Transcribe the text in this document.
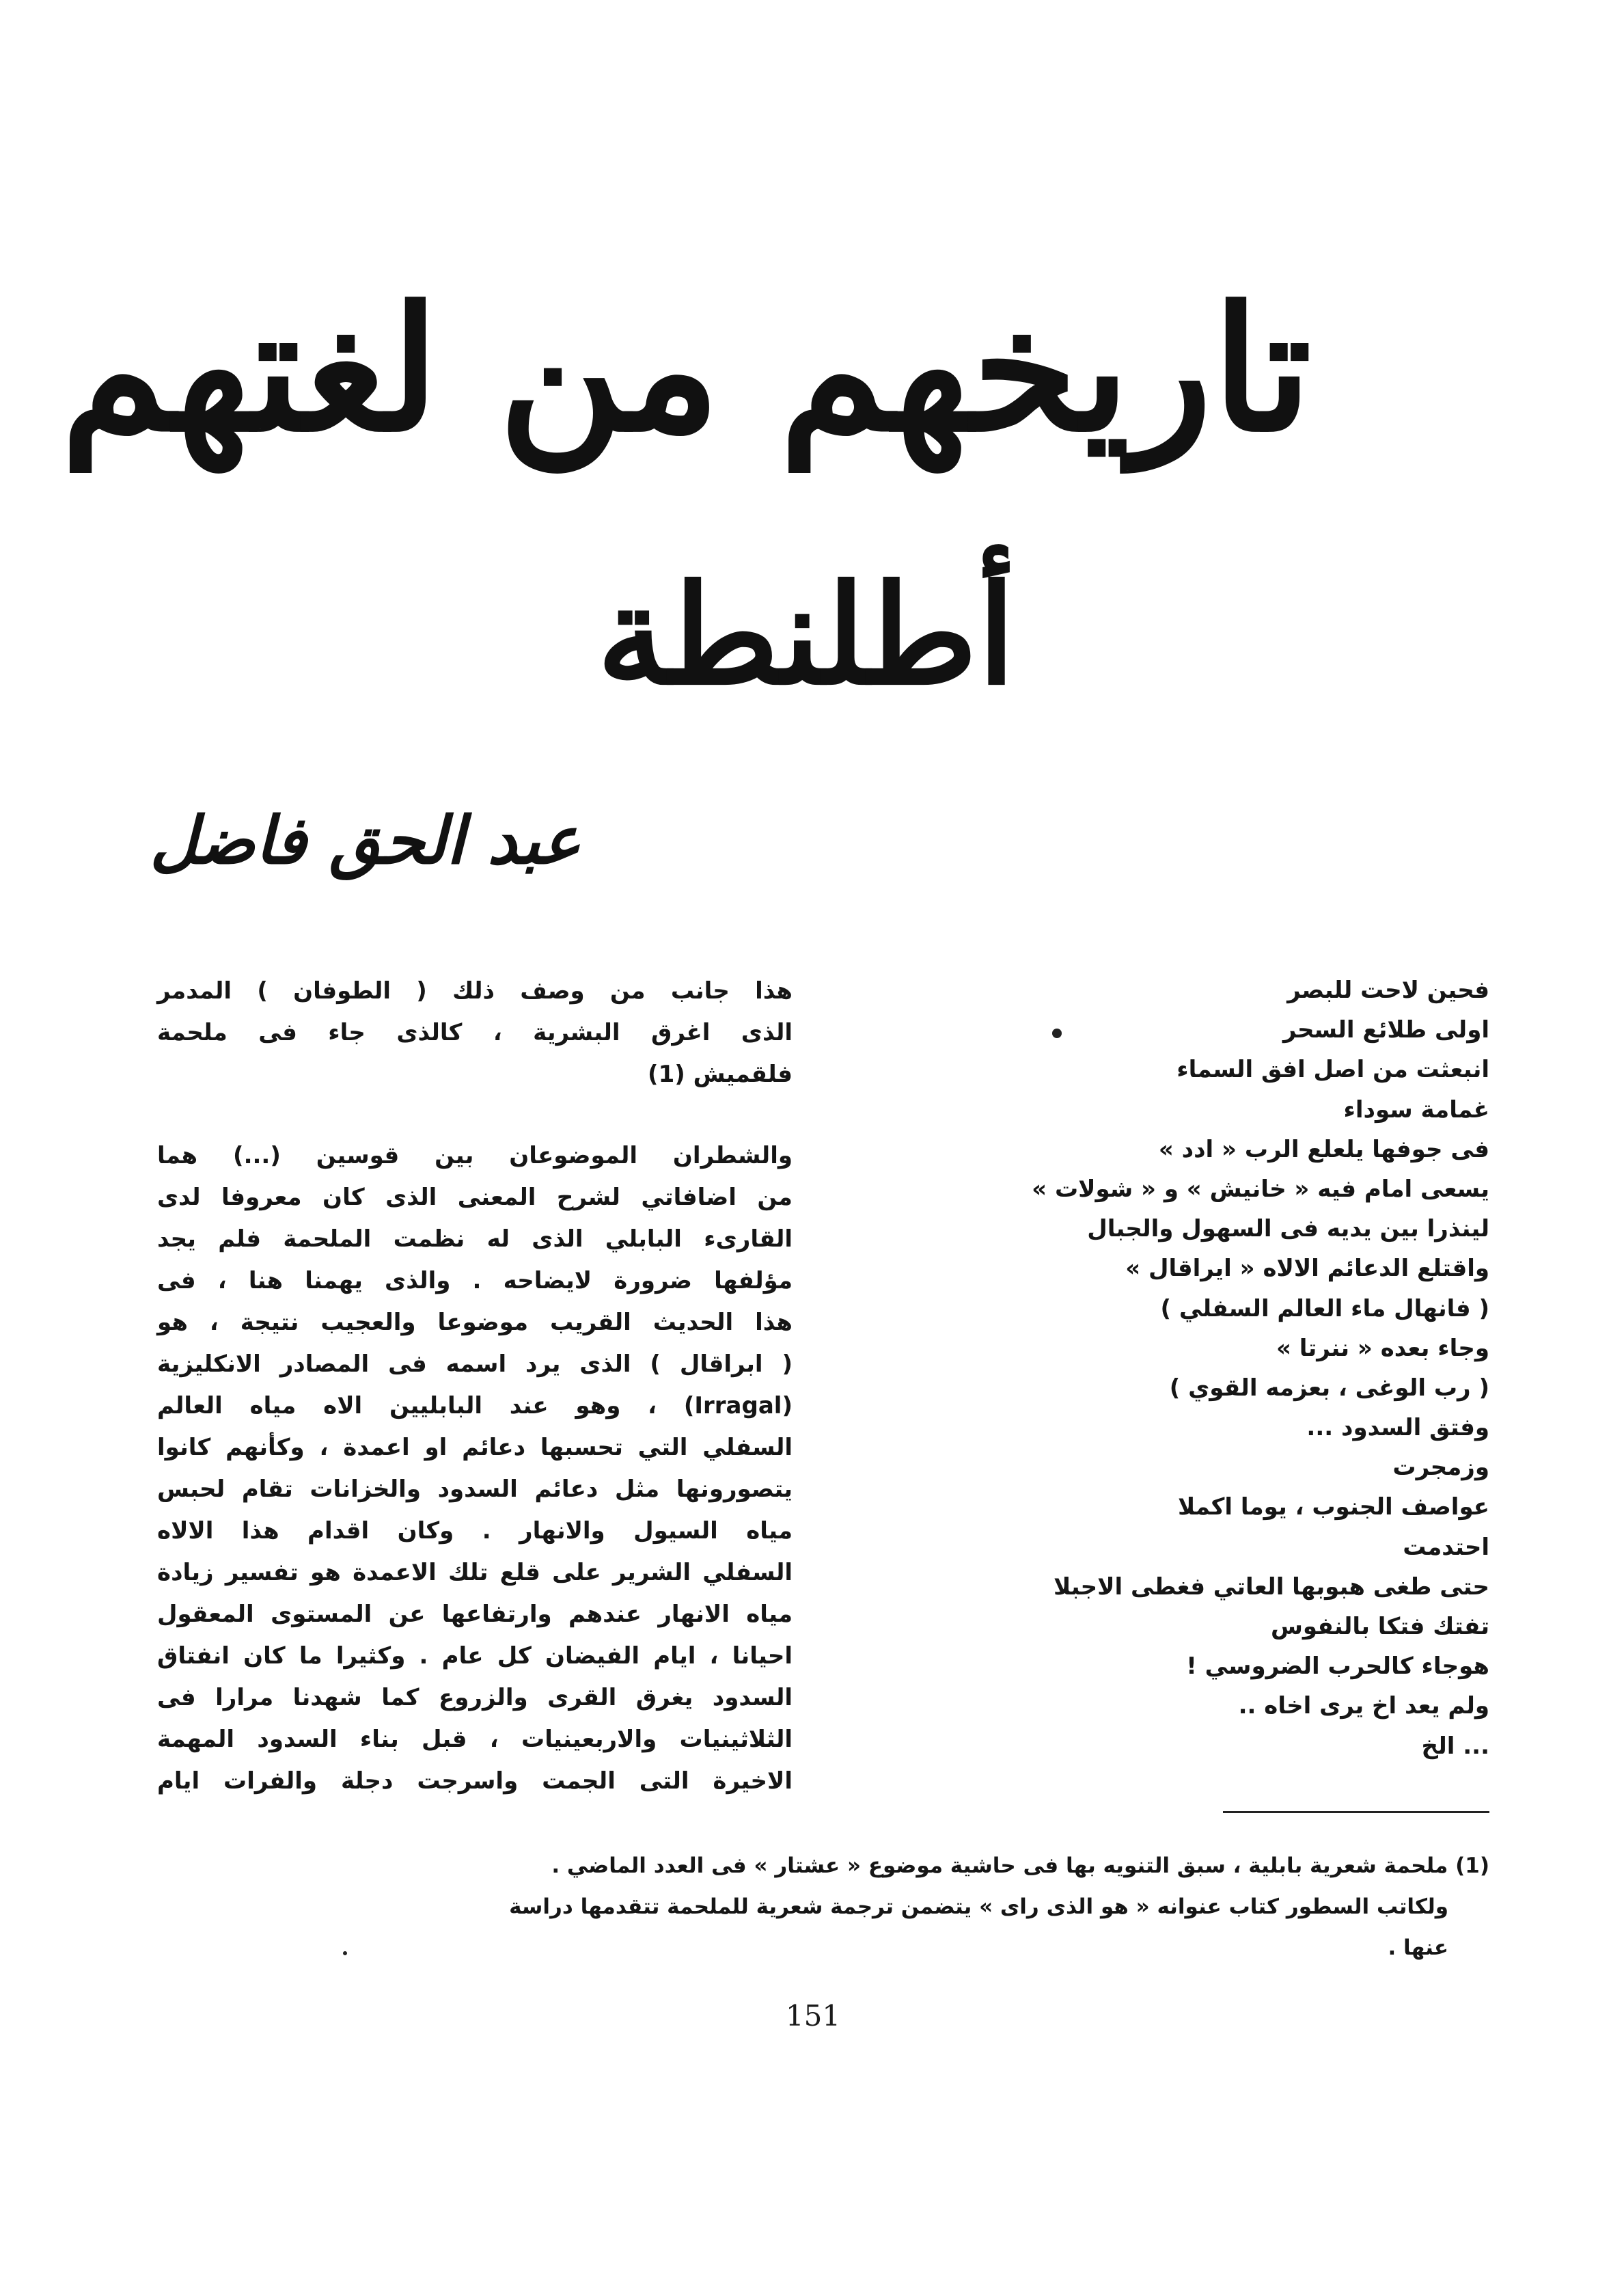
تاريخهم من لغتهم
أطلنطة
عبد الحق فاضل
فحين لاحت للبصر
اولى طلائع السحر
انبعثت من اصل افق السماء
غمامة سوداء
فى جوفها يلعلع الرب « ادد »
يسعى امام فيه « خانيش » و « شولات »
لينذرا بين يديه فى السهول والجبال
واقتلع الدعائم الالاه « ايراقال »
( فانهال ماء العالم السفلي )
وجاء بعده « ننرتا »
( رب الوغى ، بعزمه القوي )
وفتق السدود ...
وزمجرت
عواصف الجنوب ، يوما اكملا
احتدمت
حتى طغى هبوبها العاتي فغطى الاجبلا
تفتك فتكا بالنفوس
هوجاء كالحرب الضروسي !
ولم يعد اخ يرى اخاه ..
... الخ
هذا جانب من وصف ذلك ( الطوفان ) المدمر
الذى اغرق البشرية ، كالذى جاء فى ملحمة
فلقميش (1)
والشطران الموضوعان بين قوسين (...) هما
من اضافاتي لشرح المعنى الذى كان معروفا لدى
القارىء البابلي الذى له نظمت الملحمة فلم يجد
مؤلفها ضرورة لايضاحه . والذى يهمنا هنا ، فى
هذا الحديث القريب موضوعا والعجيب نتيجة ، هو
( ابراقال ) الذى يرد اسمه فى المصادر الانكليزية
(Irragal) ، وهو عند البابليين الاه مياه العالم
السفلي التي تحسبها دعائم او اعمدة ، وكأنهم كانوا
يتصورونها مثل دعائم السدود والخزانات تقام لحبس
مياه السيول والانهار . وكان اقدام هذا الالاه
السفلي الشرير على قلع تلك الاعمدة هو تفسير زيادة
مياه الانهار عندهم وارتفاعها عن المستوى المعقول
احيانا ، ايام الفيضان كل عام . وكثيرا ما كان انفتاق
السدود يغرق القرى والزروع كما شهدنا مرارا فى
الثلاثينيات والاربعينيات ، قبل بناء السدود المهمة
الاخيرة التى الجمت واسرجت دجلة والفرات ايام
(1) ملحمة شعرية بابلية ، سبق التنويه بها فى حاشية موضوع « عشتار » فى العدد الماضي .
ولكاتب السطور كتاب عنوانه « هو الذى راى » يتضمن ترجمة شعرية للملحمة تتقدمها دراسة
عنها .
151
